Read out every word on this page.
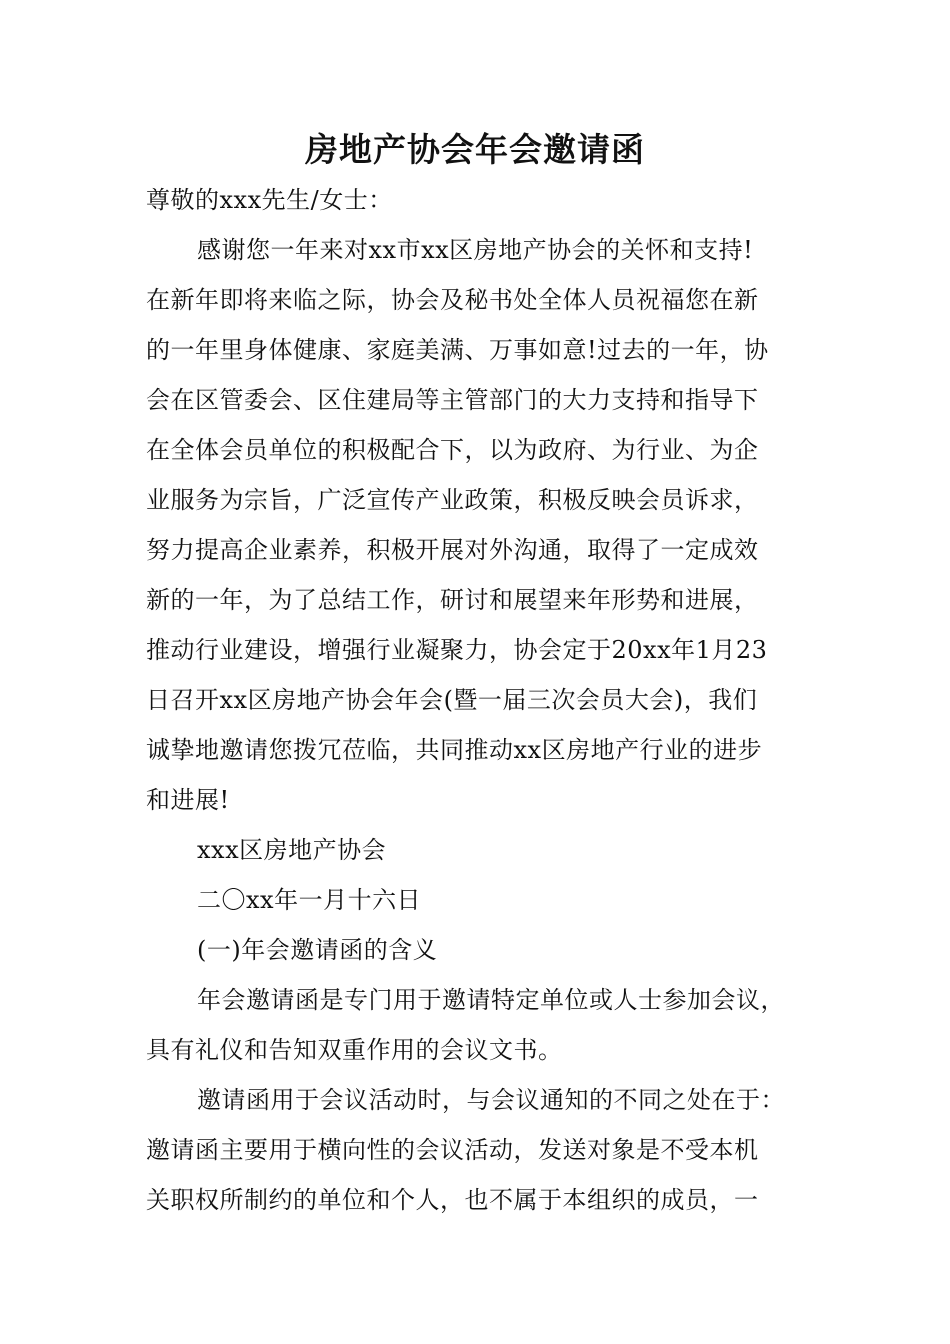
房地产协会年会邀请函
尊敬的xxx先生/女士：
感谢您一年来对xx市xx区房地产协会的关怀和支持!
在新年即将来临之际，协会及秘书处全体人员祝福您在新
的一年里身体健康、家庭美满、万事如意!过去的一年，协
会在区管委会、区住建局等主管部门的大力支持和指导下
在全体会员单位的积极配合下，以为政府、为行业、为企
业服务为宗旨，广泛宣传产业政策，积极反映会员诉求，
努力提高企业素养，积极开展对外沟通，取得了一定成效
新的一年，为了总结工作，研讨和展望来年形势和进展，
推动行业建设，增强行业凝聚力，协会定于20xx年1月23
日召开xx区房地产协会年会(暨一届三次会员大会)，我们
诚挚地邀请您拨冗莅临，共同推动xx区房地产行业的进步
和进展!
xxx区房地产协会
二〇xx年一月十六日
(一)年会邀请函的含义
年会邀请函是专门用于邀请特定单位或人士参加会议，
具有礼仪和告知双重作用的会议文书。
邀请函用于会议活动时，与会议通知的不同之处在于：
邀请函主要用于横向性的会议活动，发送对象是不受本机
关职权所制约的单位和个人，也不属于本组织的成员，一
